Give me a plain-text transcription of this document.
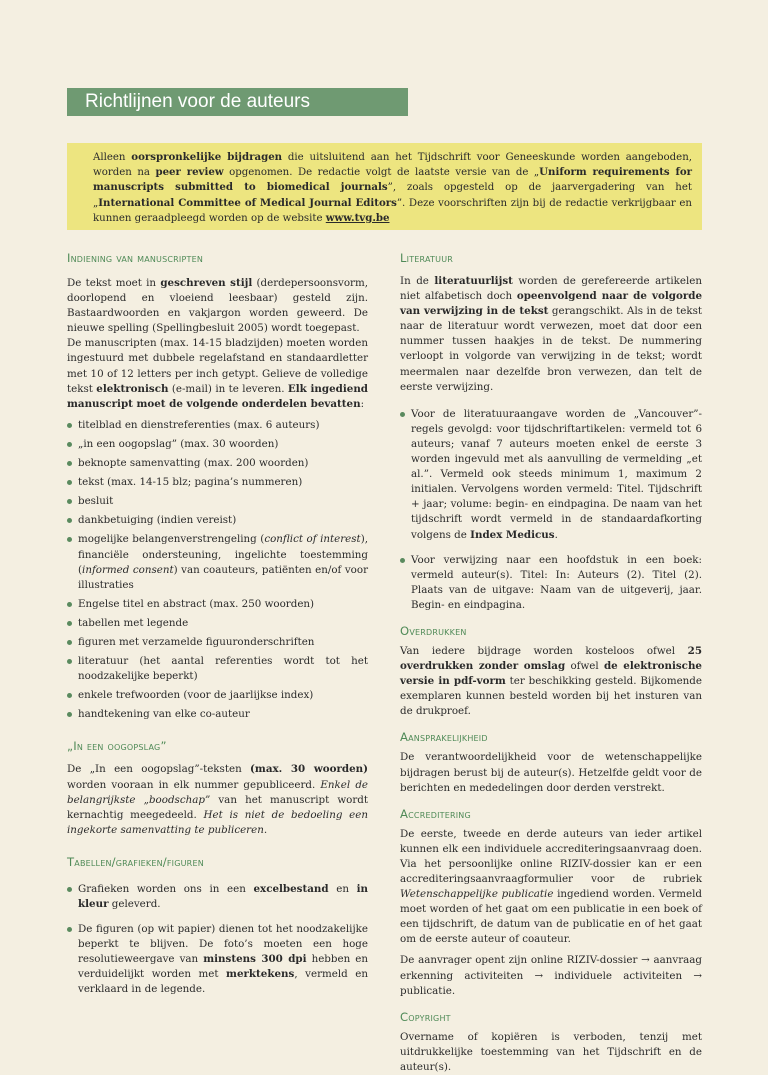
Richtlijnen voor de auteurs
Alleen oorspronkelijke bijdragen die uitsluitend aan het Tijdschrift voor Geneeskunde worden aangeboden, worden na peer review opgenomen. De redactie volgt de laatste versie van de „Uniform requirements for manuscripts submitted to biomedical journals”, zoals opgesteld op de jaarvergadering van het „International Committee of Medical Journal Editors”. Deze voorschriften zijn bij de redactie verkrijgbaar en kunnen geraadpleegd worden op de website www.tvg.be
Indiening van manuscripten

De tekst moet in geschreven stijl (derdepersoonsvorm, doorlopend en vloeiend leesbaar) gesteld zijn. Bastaardwoorden en vakjargon worden geweerd. De nieuwe spelling (Spellingbesluit 2005) wordt toegepast.

De manuscripten (max. 14-15 bladzijden) moeten worden ingestuurd met dubbele regelafstand en standaardletter met 10 of 12 letters per inch getypt. Gelieve de volledige tekst elektronisch (e-mail) in te leveren. Elk ingediend manuscript moet de volgende onderdelen bevatten:

titelblad en dienstreferenties (max. 6 auteurs)
„in een oogopslag” (max. 30 woorden)
beknopte samenvatting (max. 200 woorden)
tekst (max. 14-15 blz; pagina’s nummeren)
besluit
dankbetuiging (indien vereist)
mogelijke belangenverstrengeling (conflict of interest), financiële ondersteuning, ingelichte toestemming (informed consent) van coauteurs, patiënten en/of voor illustraties
Engelse titel en abstract (max. 250 woorden)
tabellen met legende
figuren met verzamelde figuuronderschriften
literatuur (het aantal referenties wordt tot het noodzakelijke beperkt)
enkele trefwoorden (voor de jaarlijkse index)
handtekening van elke co-auteur
„In een oogopslag”

De „In een oogopslag”-teksten (max. 30 woorden) worden vooraan in elk nummer gepubliceerd. Enkel de belangrijkste „boodschap” van het manuscript wordt kernachtig meegedeeld. Het is niet de bedoeling een ingekorte samenvatting te publiceren.

Tabellen/grafieken/figuren
Grafieken worden ons in een excelbestand en in kleur geleverd.
De figuren (op wit papier) dienen tot het noodzakelijke beperkt te blijven. De foto’s moeten een hoge resolutieweergave van minstens 300 dpi hebben en verduidelijkt worden met merktekens, vermeld en verklaard in de legende.
Literatuur

In de literatuurlijst worden de gerefereerde artikelen niet alfabetisch doch opeenvolgend naar de volgorde van verwijzing in de tekst gerangschikt. Als in de tekst naar de literatuur wordt verwezen, moet dat door een nummer tussen haakjes in de tekst. De nummering verloopt in volgorde van verwijzing in de tekst; wordt meermalen naar dezelfde bron verwezen, dan telt de eerste verwijzing.

Voor de literatuuraangave worden de „Vancouver”-regels gevolgd: voor tijdschriftartikelen: vermeld tot 6 auteurs; vanaf 7 auteurs moeten enkel de eerste 3 worden ingevuld met als aanvulling de vermelding „et al.”. Vermeld ook steeds minimum 1, maximum 2 initialen. Vervolgens worden vermeld: Titel. Tijdschrift + jaar; volume: begin- en eindpagina. De naam van het tijdschrift wordt vermeld in de standaardafkorting volgens de Index Medicus.
Voor verwijzing naar een hoofdstuk in een boek: vermeld auteur(s). Titel: In: Auteurs (2). Titel (2). Plaats van de uitgave: Naam van de uitgeverij, jaar. Begin- en eindpagina.
Overdrukken

Van iedere bijdrage worden kosteloos ofwel 25 overdrukken zonder omslag ofwel de elektronische versie in pdf-vorm ter beschikking gesteld. Bijkomende exemplaren kunnen besteld worden bij het insturen van de drukproef.

Aansprakelijkheid

De verantwoordelijkheid voor de wetenschappelijke bijdragen berust bij de auteur(s). Hetzelfde geldt voor de berichten en mededelingen door derden verstrekt.

Accreditering

De eerste, tweede en derde auteurs van ieder artikel kunnen elk een individuele accrediteringsaanvraag doen. Via het persoonlijke online RIZIV-dossier kan er een accrediteringsaanvraagformulier voor de rubriek Wetenschappelijke publicatie ingediend worden. Vermeld moet worden of het gaat om een publicatie in een boek of een tijdschrift, de datum van de publicatie en of het gaat om de eerste auteur of coauteur.

De aanvrager opent zijn online RIZIV-dossier → aanvraag erkenning activiteiten → individuele activiteiten → publicatie.

Copyright

Overname of kopiëren is verboden, tenzij met uitdrukkelijke toestemming van het Tijdschrift en de auteur(s).
